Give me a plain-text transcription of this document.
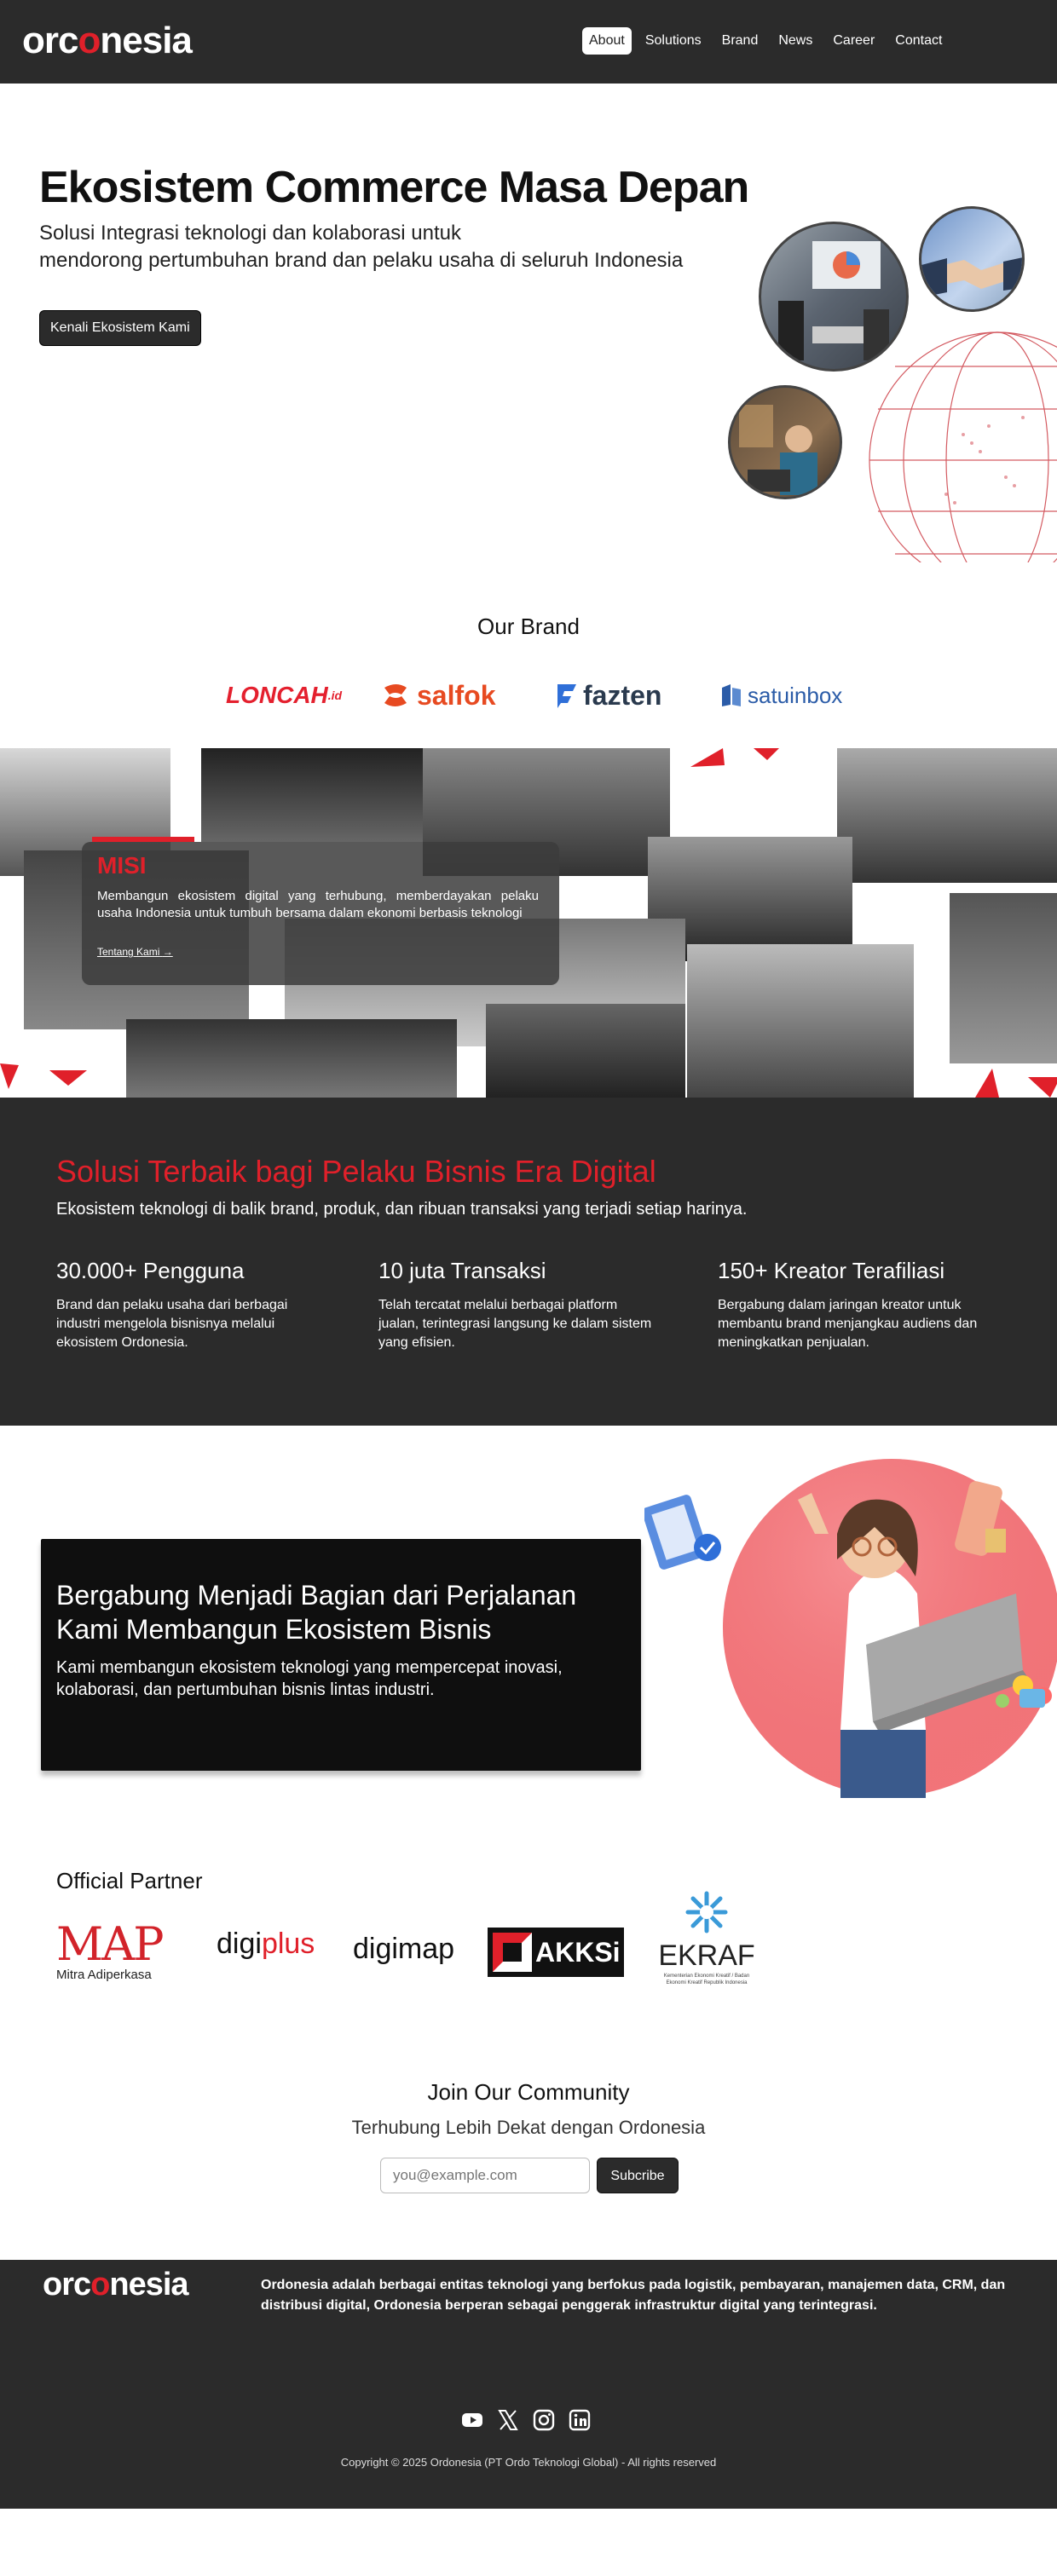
orconesia	About	Solutions	Brand	News	Career	Contact
Ekosistem Commerce Masa Depan
Solusi Integrasi teknologi dan kolaborasi untuk
mendorong pertumbuhan brand dan pelaku usaha di seluruh Indonesia
Kenali Ekosistem Kami
Our Brand
LONCAH .id	salfok	fazten	satuinbox
MISI
Membangun ekosistem digital yang terhubung, memberdayakan pelaku usaha Indonesia untuk tumbuh bersama dalam ekonomi berbasis teknologi
Tentang Kami →
Solusi Terbaik bagi Pelaku Bisnis Era Digital
Ekosistem teknologi di balik brand, produk, dan ribuan transaksi yang terjadi setiap harinya.
30.000+ Pengguna

Brand dan pelaku usaha dari berbagai industri mengelola bisnisnya melalui ekosistem Ordonesia.

10 juta Transaksi

Telah tercatat melalui berbagai platform jualan, terintegrasi langsung ke dalam sistem yang efisien.

150+ Kreator Terafiliasi

Bergabung dalam jaringan kreator untuk membantu brand menjangkau audiens dan meningkatkan penjualan.

Bergabung Menjadi Bagian dari Perjalanan Kami Membangun Ekosistem Bisnis
Kami membangun ekosistem teknologi yang mempercepat inovasi, kolaborasi, dan pertumbuhan bisnis lintas industri.
Official Partner
MAP
Mitra Adiperkasa
digiplus digimap	AKKSi EKRAF
Kementerian Ekonomi Kreatif / Badan Ekonomi Kreatif Republik Indonesia
Join Our Community
Terhubung Lebih Dekat dengan Ordonesia
you@example.com
Subcribe
orconesia	Ordonesia adalah berbagai entitas teknologi yang berfokus pada logistik, pembayaran, manajemen data, CRM, dan distribusi digital, Ordonesia berperan sebagai penggerak infrastruktur digital yang terintegrasi.
Copyright © 2025 Ordonesia (PT Ordo Teknologi Global) - All rights reserved
